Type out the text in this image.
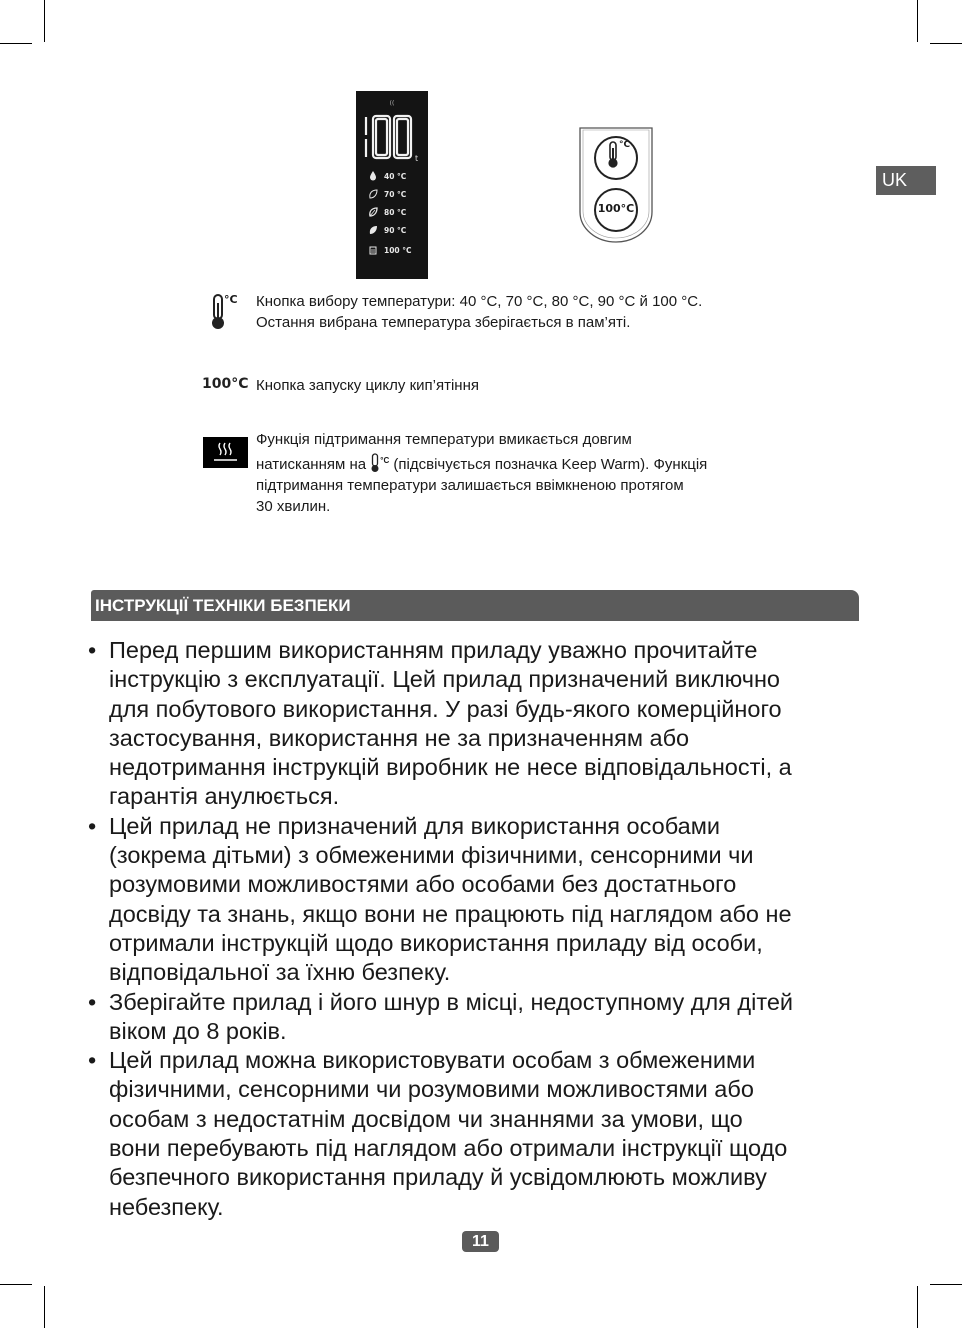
((
t
40 °C
70 °C
80 °C
90 °C
100 °C
°C
100°C
UK
°C Кнопка вибору температури: 40 °C, 70 °C, 80 °C, 90 °C й 100 °C.
Остання вибрана температура зберігається в пам’яті.
100°C Кнопка запуску циклу кип’ятіння
Функція підтримання температури вмикається довгим
натисканням на $^{^\circ C}$ (підсвічується позначка Keep Warm). Функція
підтримання температури залишається ввімкненою протягом
30 хвилин.
ІНСТРУКЦІЇ ТЕХНІКИ БЕЗПЕКИ
• Перед першим використанням приладу уважно прочитайте
інструкцію з експлуатації. Цей прилад призначений виключно
для побутового використання. У разі будь-якого комерційного
застосування, використання не за призначенням або
недотримання інструкцій виробник не несе відповідальності, а
гарантія анулюється.
• Цей прилад не призначений для використання особами
(зокрема дітьми) з обмеженими фізичними, сенсорними чи
розумовими можливостями або особами без достатнього
досвіду та знань, якщо вони не працюють під наглядом або не
отримали інструкцій щодо використання приладу від особи,
відповідальної за їхню безпеку.
• Зберігайте прилад і його шнур в місці, недоступному для дітей
віком до 8 років.
• Цей прилад можна використовувати особам з обмеженими
фізичними, сенсорними чи розумовими можливостями або
особам з недостатнім досвідом чи знаннями за умови, що
вони перебувають під наглядом або отримали інструкції щодо
безпечного використання приладу й усвідомлюють можливу
небезпеку.
11
